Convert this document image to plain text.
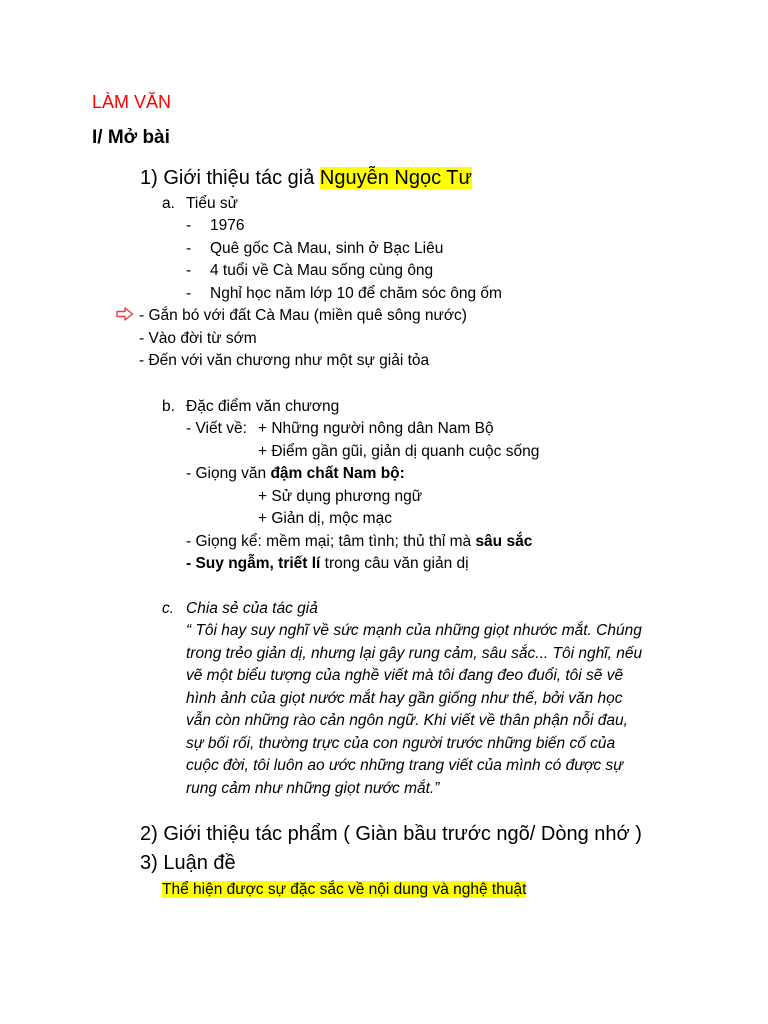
LÀM VĂN
I/ Mở bài
1) Giới thiệu tác giả Nguyễn Ngọc Tư
a. Tiểu sử
- 1976
- Quê gốc Cà Mau, sinh ở Bạc Liêu
- 4 tuổi về Cà Mau sống cùng ông
- Nghỉ học năm lớp 10 để chăm sóc ông ốm
- Gắn bó với đất Cà Mau (miền quê sông nước)
- Vào đời từ sớm
- Đến với văn chương như một sự giải tỏa
b. Đặc điểm văn chương
- Viết về: + Những người nông dân Nam Bộ
+ Điểm gần gũi, giản dị quanh cuộc sống
- Giọng văn đậm chất Nam bộ:
+ Sử dụng phương ngữ
+ Giản dị, mộc mạc
- Giọng kể: mềm mại; tâm tình; thủ thỉ mà sâu sắc
- Suy ngẫm, triết lí trong câu văn giản dị
c. Chia sẻ của tác giả
“ Tôi hay suy nghĩ về sức mạnh của những giọt nhước mắt. Chúng
trong trẻo giản dị, nhưng lại gây rung cảm, sâu sắc... Tôi nghĩ, nếu
vẽ một biểu tượng của nghề viết mà tôi đang đeo đuổi, tôi sẽ vẽ
hình ảnh của giọt nước mắt hay gần giống như thế, bởi văn học
vẫn còn những rào cản ngôn ngữ. Khi viết về thân phận nỗi đau,
sự bối rối, thường trực của con người trước những biến cố của
cuộc đời, tôi luôn ao ước những trang viết của mình có được sự
rung cảm như những giọt nước mắt.”
2) Giới thiệu tác phẩm ( Giàn bầu trước ngõ/ Dòng nhớ )
3) Luận đề
Thể hiện được sự đặc sắc về nội dung và nghệ thuật
